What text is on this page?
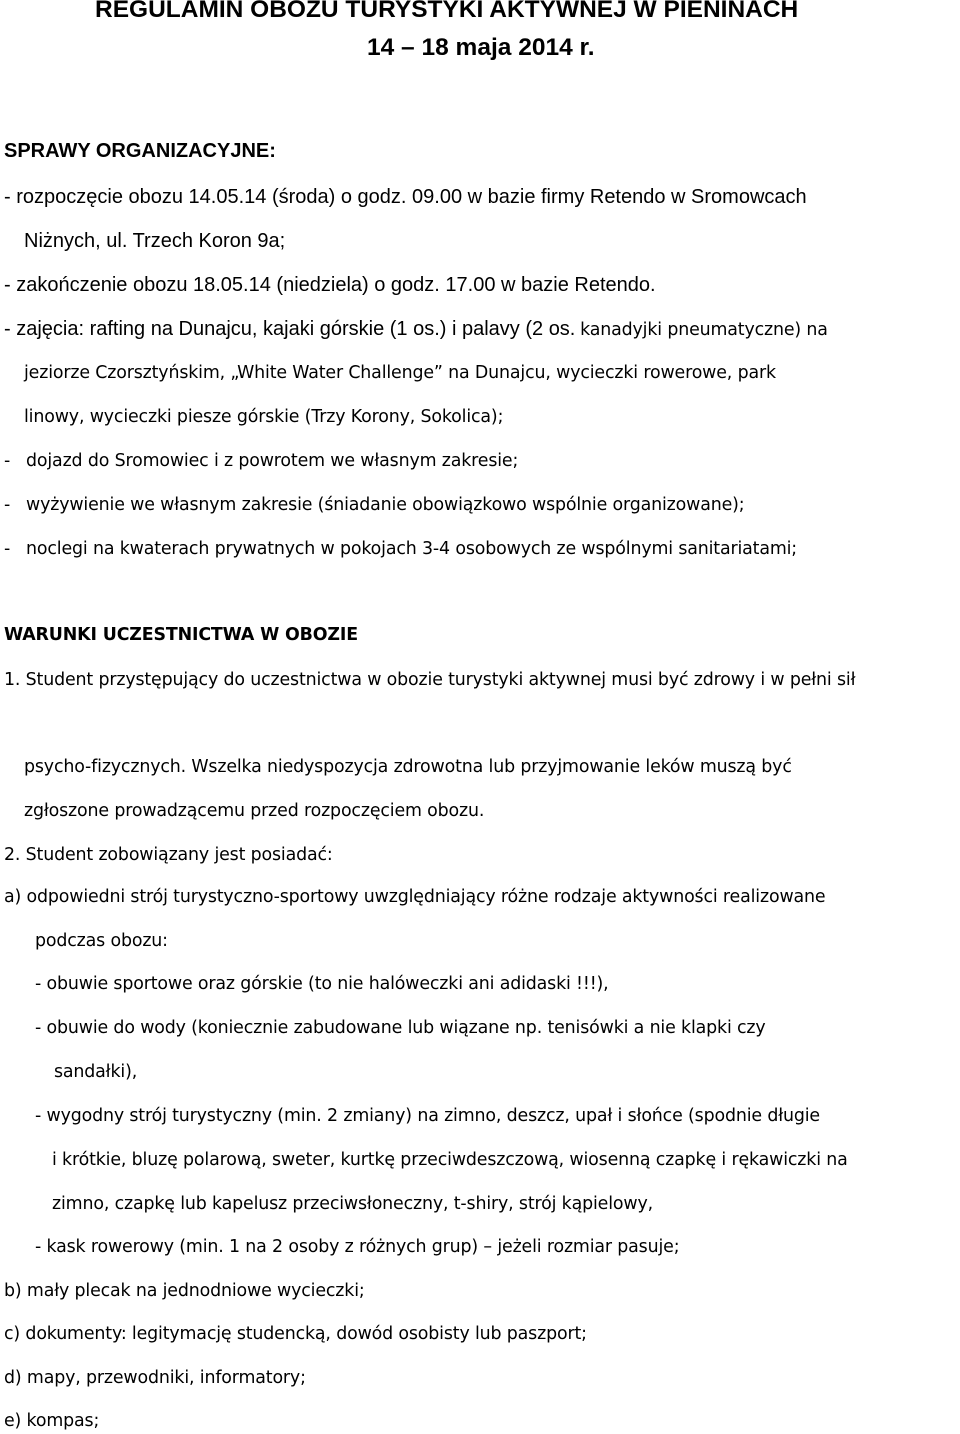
REGULAMIN OBOZU TURYSTYKI AKTYWNEJ W PIENINACH
14 – 18 maja 2014 r.
SPRAWY ORGANIZACYJNE:
- rozpoczęcie obozu 14.05.14 (środa) o godz. 09.00 w bazie firmy Retendo w Sromowcach
Niżnych, ul. Trzech Koron 9a;
- zakończenie obozu 18.05.14 (niedziela) o godz. 17.00 w bazie Retendo.
- zajęcia: rafting na Dunajcu, kajaki górskie (1 os.) i palavy (2 os. kanadyjki pneumatyczne) na
jeziorze Czorsztyńskim, „White Water Challenge” na Dunajcu, wycieczki rowerowe, park
linowy, wycieczki piesze górskie (Trzy Korony, Sokolica);
- dojazd do Sromowiec i z powrotem we własnym zakresie;
- wyżywienie we własnym zakresie (śniadanie obowiązkowo wspólnie organizowane);
- noclegi na kwaterach prywatnych w pokojach 3-4 osobowych ze wspólnymi sanitariatami;
WARUNKI UCZESTNICTWA W OBOZIE
1. Student przystępujący do uczestnictwa w obozie turystyki aktywnej musi być zdrowy i w pełni sił
psycho-fizycznych. Wszelka niedyspozycja zdrowotna lub przyjmowanie leków muszą być
zgłoszone prowadzącemu przed rozpoczęciem obozu.
2. Student zobowiązany jest posiadać:
a) odpowiedni strój turystyczno-sportowy uwzględniający różne rodzaje aktywności realizowane
podczas obozu:
- obuwie sportowe oraz górskie (to nie halóweczki ani adidaski !!!),
- obuwie do wody (koniecznie zabudowane lub wiązane np. tenisówki a nie klapki czy
sandałki),
- wygodny strój turystyczny (min. 2 zmiany) na zimno, deszcz, upał i słońce (spodnie długie
i krótkie, bluzę polarową, sweter, kurtkę przeciwdeszczową, wiosenną czapkę i rękawiczki na
zimno, czapkę lub kapelusz przeciwsłoneczny, t-shiry, strój kąpielowy,
- kask rowerowy (min. 1 na 2 osoby z różnych grup) – jeżeli rozmiar pasuje;
b) mały plecak na jednodniowe wycieczki;
c) dokumenty: legitymację studencką, dowód osobisty lub paszport;
d) mapy, przewodniki, informatory;
e) kompas;
